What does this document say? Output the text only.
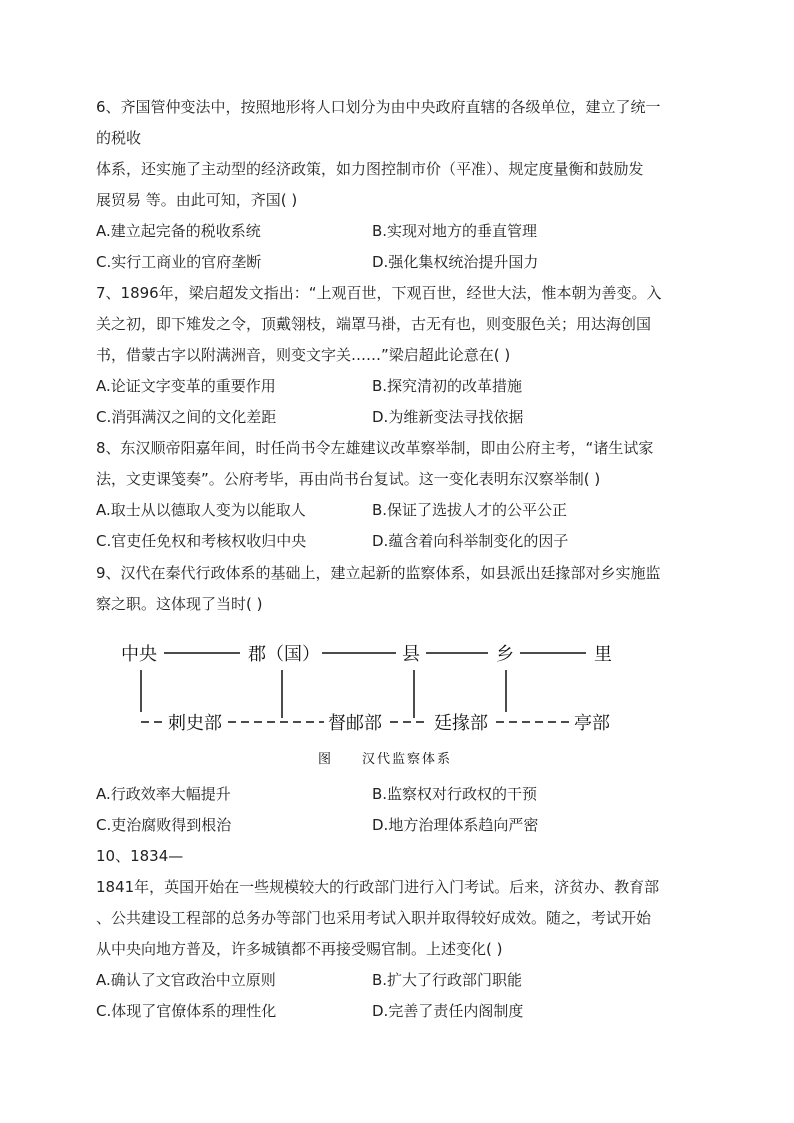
6、齐国管仲变法中，按照地形将人口划分为由中央政府直辖的各级单位，建立了统一
的税收
体系，还实施了主动型的经济政策，如力图控制市价（平准）、规定度量衡和鼓励发
展贸易 等。由此可知，齐国( )
A.建立起完备的税收系统	B.实现对地方的垂直管理
C.实行工商业的官府垄断	D.强化集权统治提升国力
7、1896年，梁启超发文指出：“上观百世，下观百世，经世大法，惟本朝为善变。入
关之初，即下雉发之令，顶戴翎枝，端罩马褂，古无有也，则变服色关；用达海创国
书，借蒙古字以附满洲音，则变文字关……”梁启超此论意在( )
A.论证文字变革的重要作用	B.探究清初的改革措施
C.消弭满汉之间的文化差距	D.为维新变法寻找依据
8、东汉顺帝阳嘉年间，时任尚书令左雄建议改革察举制，即由公府主考，“诸生试家
法，文吏课笺奏”。公府考毕，再由尚书台复试。这一变化表明东汉察举制( )
A.取士从以德取人变为以能取人	B.保证了选拔人才的公平公正
C.官吏任免权和考核权收归中央	D.蕴含着向科举制变化的因子
9、汉代在秦代行政体系的基础上，建立起新的监察体系，如县派出廷掾部对乡实施监
察之职。这体现了当时( )
中央	郡（国）	县	乡	里
刺史部	督邮部	廷掾部	亭部
图 汉代监察体系
A.行政效率大幅提升	B.监察权对行政权的干预
C.吏治腐败得到根治	D.地方治理体系趋向严密
10、1834—
1841年，英国开始在一些规模较大的行政部门进行入门考试。后来，济贫办、教育部
、公共建设工程部的总务办等部门也采用考试入职并取得较好成效。随之，考试开始
从中央向地方普及，许多城镇都不再接受赐官制。上述变化( )
A.确认了文官政治中立原则	B.扩大了行政部门职能
C.体现了官僚体系的理性化	D.完善了责任内阁制度
